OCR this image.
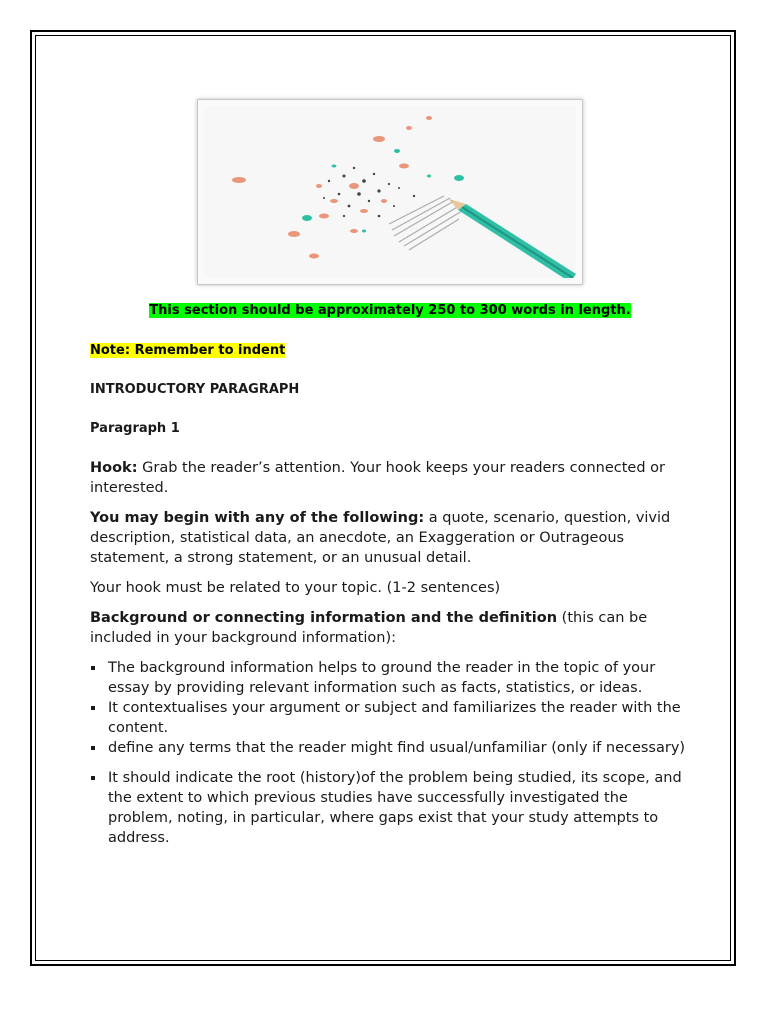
This section should be approximately 250 to 300 words in length.

Note: Remember to indent

INTRODUCTORY PARAGRAPH

Paragraph 1

Hook: Grab the reader’s attention. Your hook keeps your readers connected or interested.

You may begin with any of the following: a quote, scenario, question, vivid description, statistical data, an anecdote, an Exaggeration or Outrageous statement, a strong statement, or an unusual detail.

Your hook must be related to your topic. (1-2 sentences)

Background or connecting information and the definition (this can be included in your background information):

The background information helps to ground the reader in the topic of your essay by providing relevant information such as facts, statistics, or ideas.
It contextualises your argument or subject and familiarizes the reader with the content.
define any terms that the reader might find usual/unfamiliar (only if necessary)
It should indicate the root (history)of the problem being studied, its scope, and the extent to which previous studies have successfully investigated the problem, noting, in particular, where gaps exist that your study attempts to address.
